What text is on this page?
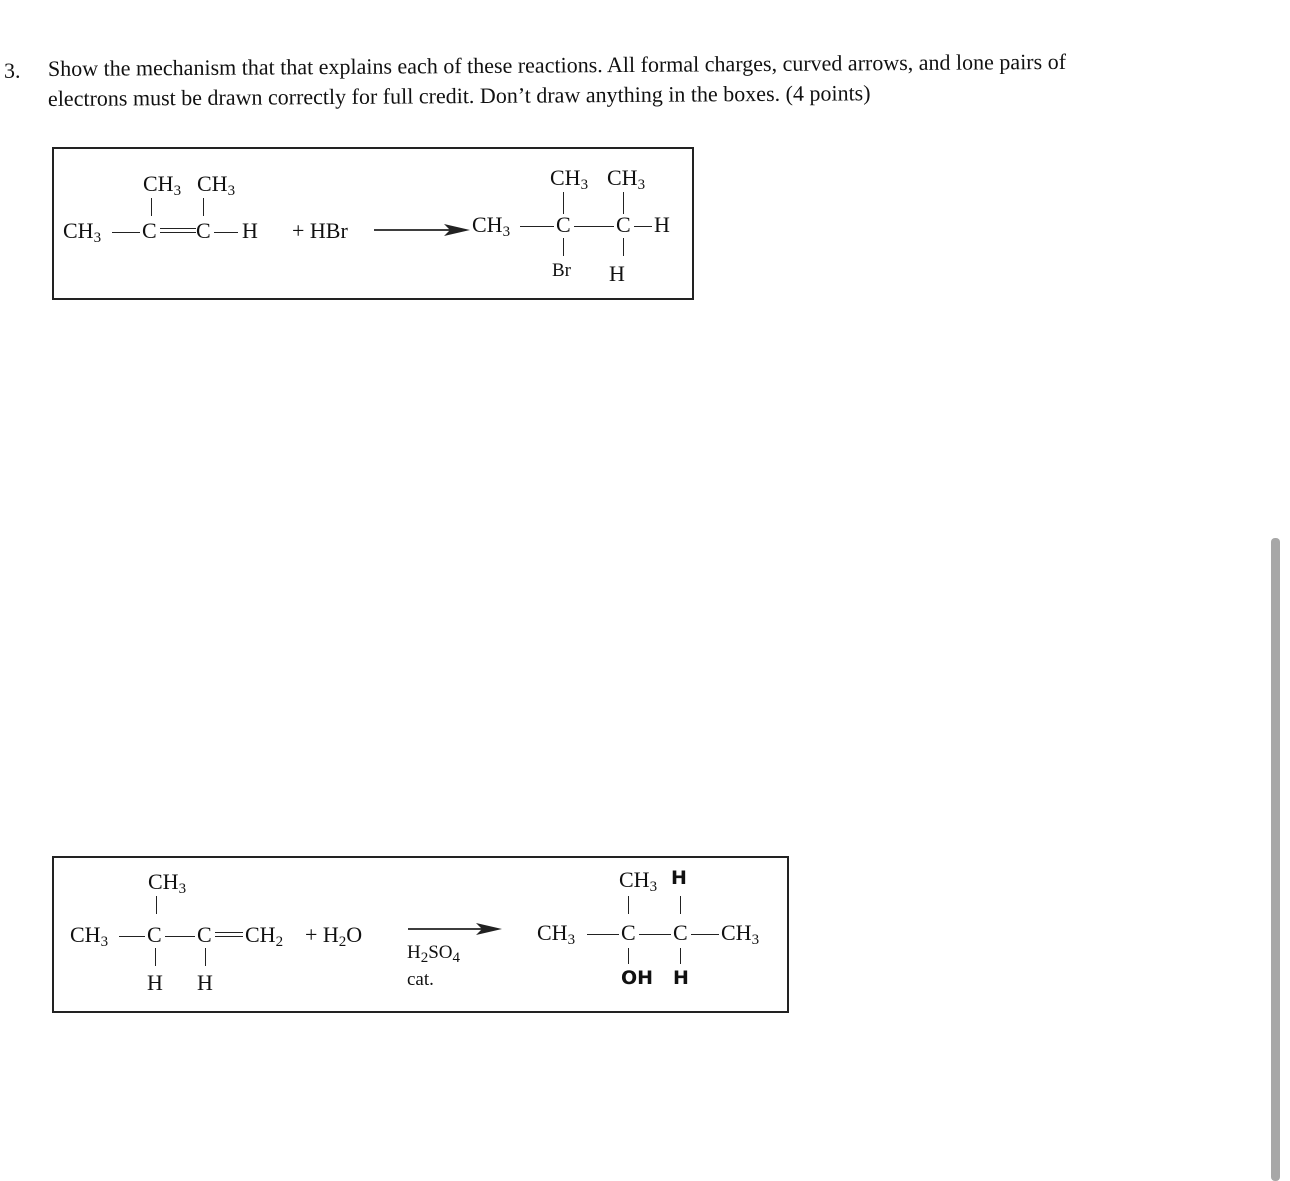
3. Show the mechanism that that explains each of these reactions. All formal charges, curved arrows, and lone pairs of
electrons must be drawn correctly for full credit. Don’t draw anything in the boxes. (4 points)
$CH_3$ $CH_3$
$CH_3$ C C H + HBr
$CH_3$ $CH_3$
$CH_3$ C C H
Br H
$CH_3$
$CH_3$ C C $CH_2 + H_2O$
H H
$H_2SO_4$
cat.
$CH_3$ H
$CH_3$ C C $CH_3$
OH H
